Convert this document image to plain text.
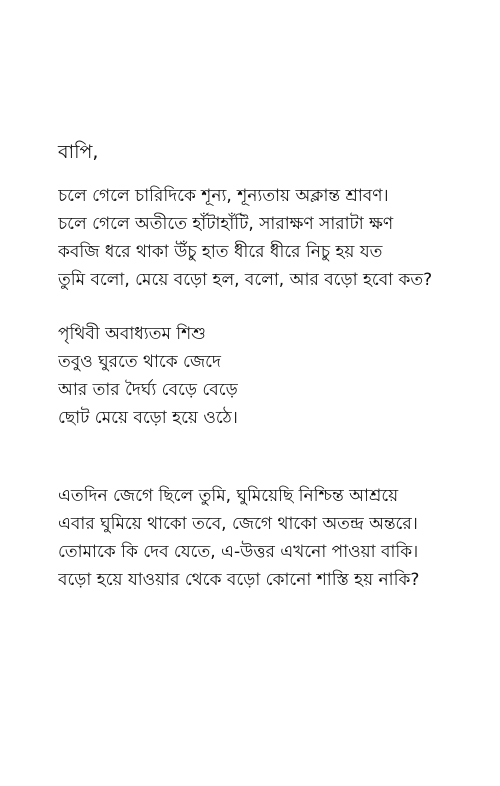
বাপি,
চলে গেলে চারিদিকে শূন্য, শূন্যতায় অক্লান্ত শ্রাবণ।
চলে গেলে অতীতে হাঁটাহাঁটি, সারাক্ষণ সারাটা ক্ষণ
কবজি ধরে থাকা উঁচু হাত ধীরে ধীরে নিচু হয় যত
তুমি বলো, মেয়ে বড়ো হল, বলো, আর বড়ো হবো কত?
পৃথিবী অবাধ্যতম শিশু
তবুও ঘুরতে থাকে জেদে
আর তার দৈর্ঘ্য বেড়ে বেড়ে
ছোট মেয়ে বড়ো হয়ে ওঠে।
এতদিন জেগে ছিলে তুমি, ঘুমিয়েছি নিশ্চিন্ত আশ্রয়ে
এবার ঘুমিয়ে থাকো তবে, জেগে থাকো অতন্দ্র অন্তরে।
তোমাকে কি দেব যেতে, এ-উত্তর এখনো পাওয়া বাকি।
বড়ো হয়ে যাওয়ার থেকে বড়ো কোনো শাস্তি হয় নাকি?
